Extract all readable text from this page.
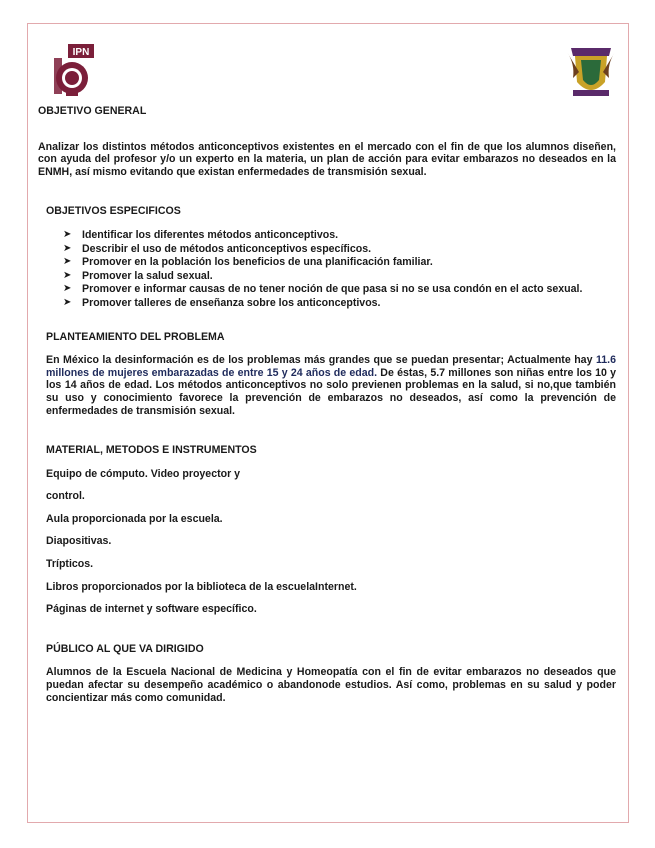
IPN
OBJETIVO GENERAL

Analizar los distintos métodos anticonceptivos existentes en el mercado con el fin de que los alumnos diseñen, con ayuda del profesor y/o un experto en la materia, un plan de acción para evitar embarazos no deseados en la ENMH, así mismo evitando que existan enfermedades de transmisión sexual.

OBJETIVOS ESPECIFICOS
➤ Identificar los diferentes métodos anticonceptivos.
➤ Describir el uso de métodos anticonceptivos específicos.
➤ Promover en la población los beneficios de una planificación familiar.
➤ Promover la salud sexual.
➤ Promover e informar causas de no tener noción de que pasa si no se usa condón en el acto sexual.
➤ Promover talleres de enseñanza sobre los anticonceptivos.
PLANTEAMIENTO DEL PROBLEMA

En México la desinformación es de los problemas más grandes que se puedan presentar; Actualmente hay 11.6 millones de mujeres embarazadas de entre 15 y 24 años de edad. De éstas, 5.7 millones son niñas entre los 10 y los 14 años de edad. Los métodos anticonceptivos no solo previenen problemas en la salud, si no,que también su uso y conocimiento favorece la prevención de embarazos no deseados, así como la prevención de enfermedades de transmisión sexual.

MATERIAL, METODOS E INSTRUMENTOS

Equipo de cómputo. Video proyector y

control.

Aula proporcionada por la escuela.

Diapositivas.

Trípticos.

Libros proporcionados por la biblioteca de la escuelaInternet.

Páginas de internet y software específico.

PÚBLICO AL QUE VA DIRIGIDO

Alumnos de la Escuela Nacional de Medicina y Homeopatía con el fin de evitar embarazos no deseados que puedan afectar su desempeño académico o abandonode estudios. Así como, problemas en su salud y poder concientizar más como comunidad.
